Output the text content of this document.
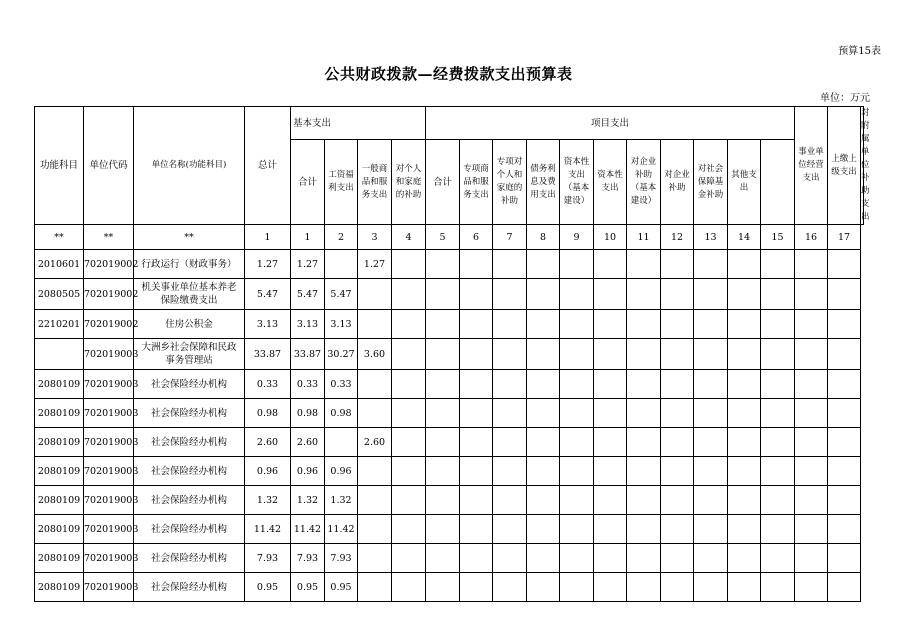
预算15表
公共财政拨款—经费拨款支出预算表
单位：万元
功能科目	单位代码	单位名称(功能科目)	总计	基本支出				项目支出											事业单位经营支出	上缴上级支出	对附属单位补助支出
				合计	工资福利支出	一般商品和服务支出	对个人和家庭的补助	合计	专项商品和服务支出	专项对个人和家庭的补助	债务利息及费用支出	资本性支出（基本建设）	资本性支出	对企业补助（基本建设）	对企业补助	对社会保障基金补助	其他支出				
**	**	**	1	1	2	3	4	5	6	7	8	9	10	11	12	13	14	15	16	17	
2010601	702019002	行政运行（财政事务）	1.27	1.27		1.27															
2080505	702019002	机关事业单位基本养老保险缴费支出	5.47	5.47	5.47																
2210201	702019002	住房公积金	3.13	3.13	3.13																
	702019003	大洲乡社会保障和民政事务管理站	33.87	33.87	30.27	3.60															
2080109	702019003	社会保险经办机构	0.33	0.33	0.33																
2080109	702019003	社会保险经办机构	0.98	0.98	0.98																
2080109	702019003	社会保险经办机构	2.60	2.60		2.60															
2080109	702019003	社会保险经办机构	0.96	0.96	0.96																
2080109	702019003	社会保险经办机构	1.32	1.32	1.32																
2080109	702019003	社会保险经办机构	11.42	11.42	11.42																
2080109	702019003	社会保险经办机构	7.93	7.93	7.93																
2080109	702019003	社会保险经办机构	0.95	0.95	0.95																
